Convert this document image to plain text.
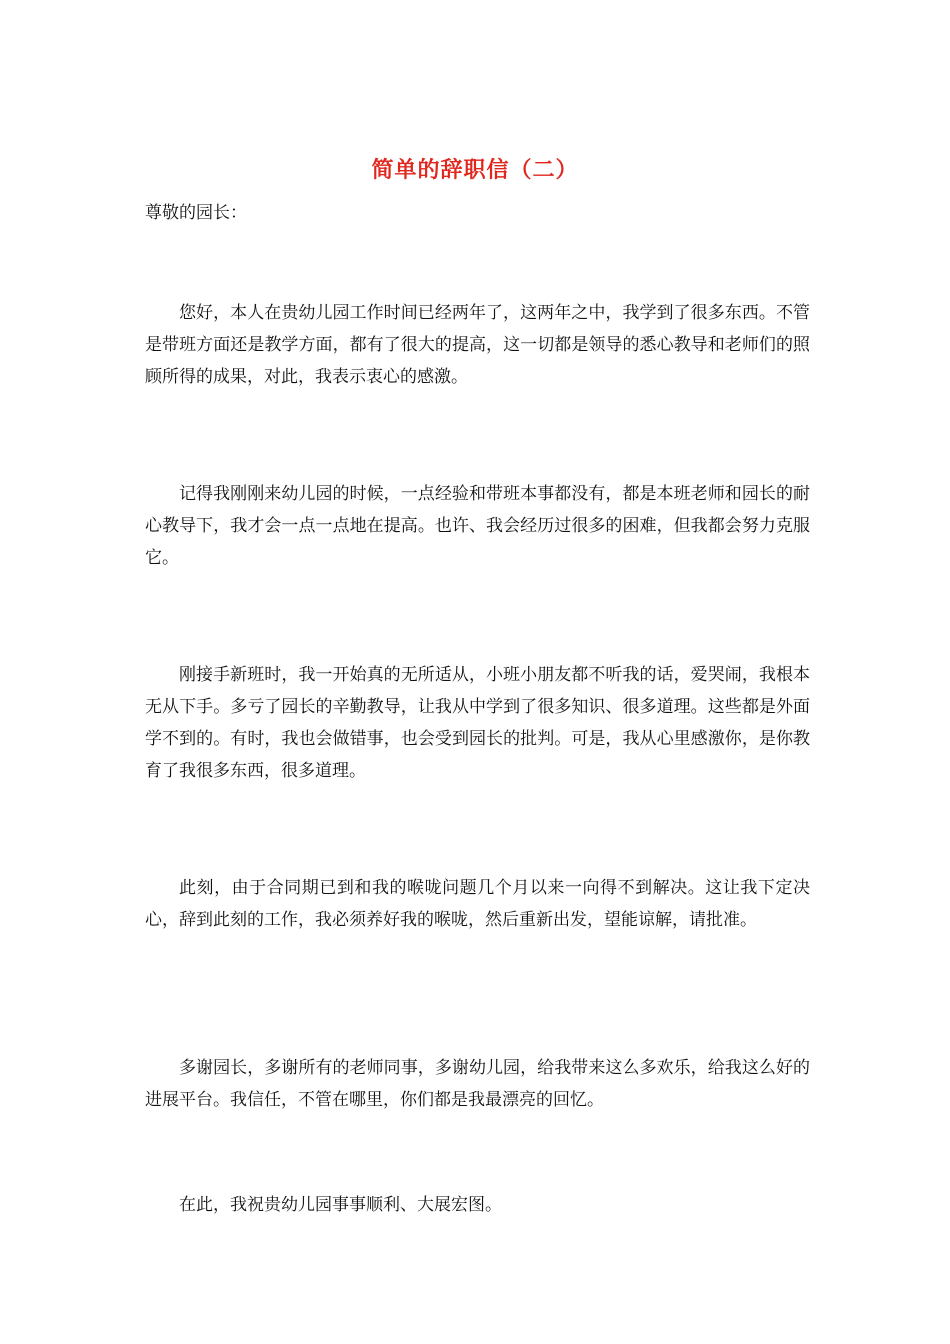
简单的辞职信（二）
尊敬的园长：

您好，本人在贵幼儿园工作时间已经两年了，这两年之中，我学到了很多东西。不管是带班方面还是教学方面，都有了很大的提高，这一切都是领导的悉心教导和老师们的照顾所得的成果，对此，我表示衷心的感激。

记得我刚刚来幼儿园的时候，一点经验和带班本事都没有，都是本班老师和园长的耐心教导下，我才会一点一点地在提高。也许、我会经历过很多的困难，但我都会努力克服它。

刚接手新班时，我一开始真的无所适从，小班小朋友都不听我的话，爱哭闹，我根本无从下手。多亏了园长的辛勤教导，让我从中学到了很多知识、很多道理。这些都是外面学不到的。有时，我也会做错事，也会受到园长的批判。可是，我从心里感激你，是你教育了我很多东西，很多道理。

此刻，由于合同期已到和我的喉咙问题几个月以来一向得不到解决。这让我下定决心，辞到此刻的工作，我必须养好我的喉咙，然后重新出发，望能谅解，请批准。

多谢园长，多谢所有的老师同事，多谢幼儿园，给我带来这么多欢乐，给我这么好的进展平台。我信任，不管在哪里，你们都是我最漂亮的回忆。

在此，我祝贵幼儿园事事顺利、大展宏图。
